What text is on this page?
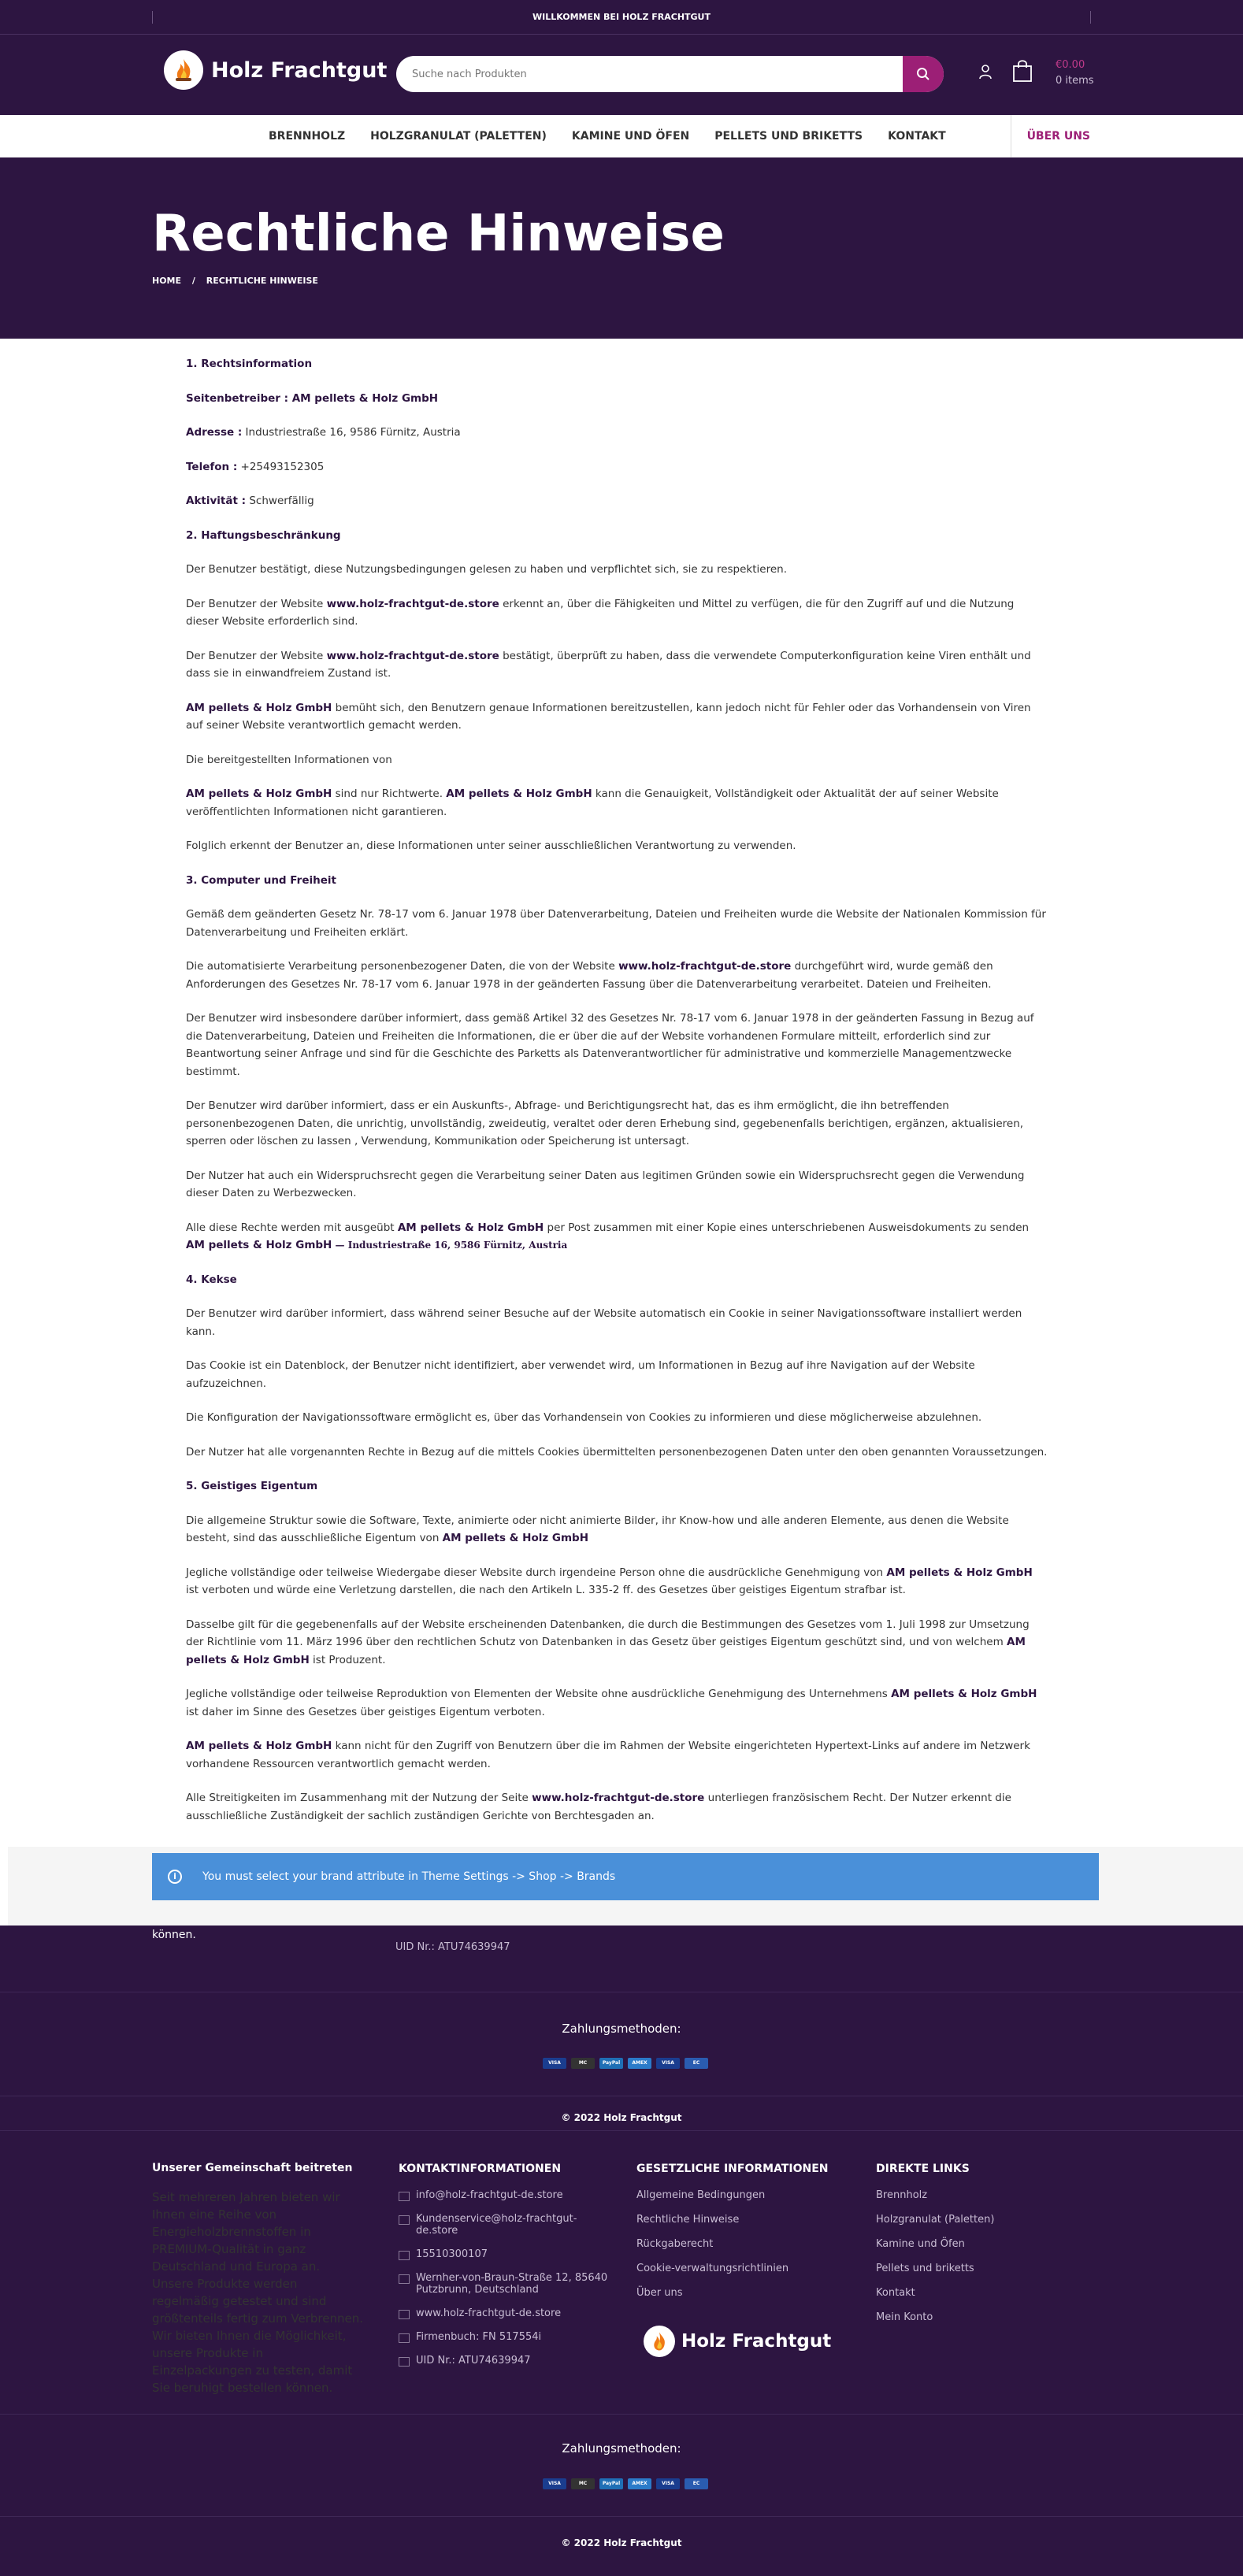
WILLKOMMEN BEI HOLZ FRACHTGUT
Holz Frachtgut
Suche nach Produkten	€0.00
0 items
BRENNHOLZ HOLZGRANULAT (PALETTEN) KAMINE UND ÖFEN PELLETS UND BRIKETTS KONTAKT	ÜBER UNS
Rechtliche Hinweise
HOME / RECHTLICHE HINWEISE

1. Rechtsinformation

Seitenbetreiber : AM pellets & Holz GmbH

Adresse : Industriestraße 16, 9586 Fürnitz, Austria

Telefon : +25493152305

Aktivität : Schwerfällig

2. Haftungsbeschränkung

Der Benutzer bestätigt, diese Nutzungsbedingungen gelesen zu haben und verpflichtet sich, sie zu respektieren.

Der Benutzer der Website www.holz-frachtgut-de.store erkennt an, über die Fähigkeiten und Mittel zu verfügen, die für den Zugriff auf und die Nutzung dieser Website erforderlich sind.

Der Benutzer der Website www.holz-frachtgut-de.store bestätigt, überprüft zu haben, dass die verwendete Computerkonfiguration keine Viren enthält und dass sie in einwandfreiem Zustand ist.

AM pellets & Holz GmbH bemüht sich, den Benutzern genaue Informationen bereitzustellen, kann jedoch nicht für Fehler oder das Vorhandensein von Viren auf seiner Website verantwortlich gemacht werden.

Die bereitgestellten Informationen von

AM pellets & Holz GmbH sind nur Richtwerte. AM pellets & Holz GmbH kann die Genauigkeit, Vollständigkeit oder Aktualität der auf seiner Website veröffentlichten Informationen nicht garantieren.

Folglich erkennt der Benutzer an, diese Informationen unter seiner ausschließlichen Verantwortung zu verwenden.

3. Computer und Freiheit

Gemäß dem geänderten Gesetz Nr. 78-17 vom 6. Januar 1978 über Datenverarbeitung, Dateien und Freiheiten wurde die Website der Nationalen Kommission für Datenverarbeitung und Freiheiten erklärt.

Die automatisierte Verarbeitung personenbezogener Daten, die von der Website www.holz-frachtgut-de.store durchgeführt wird, wurde gemäß den Anforderungen des Gesetzes Nr. 78-17 vom 6. Januar 1978 in der geänderten Fassung über die Datenverarbeitung verarbeitet. Dateien und Freiheiten.

Der Benutzer wird insbesondere darüber informiert, dass gemäß Artikel 32 des Gesetzes Nr. 78-17 vom 6. Januar 1978 in der geänderten Fassung in Bezug auf die Datenverarbeitung, Dateien und Freiheiten die Informationen, die er über die auf der Website vorhandenen Formulare mitteilt, erforderlich sind zur Beantwortung seiner Anfrage und sind für die Geschichte des Parketts als Datenverantwortlicher für administrative und kommerzielle Managementzwecke bestimmt.

Der Benutzer wird darüber informiert, dass er ein Auskunfts-, Abfrage- und Berichtigungsrecht hat, das es ihm ermöglicht, die ihn betreffenden personenbezogenen Daten, die unrichtig, unvollständig, zweideutig, veraltet oder deren Erhebung sind, gegebenenfalls berichtigen, ergänzen, aktualisieren, sperren oder löschen zu lassen , Verwendung, Kommunikation oder Speicherung ist untersagt.

Der Nutzer hat auch ein Widerspruchsrecht gegen die Verarbeitung seiner Daten aus legitimen Gründen sowie ein Widerspruchsrecht gegen die Verwendung dieser Daten zu Werbezwecken.

Alle diese Rechte werden mit ausgeübt AM pellets & Holz GmbH per Post zusammen mit einer Kopie eines unterschriebenen Ausweisdokuments zu senden AM pellets & Holz GmbH — Industriestraße 16, 9586 Fürnitz, Austria

4. Kekse

Der Benutzer wird darüber informiert, dass während seiner Besuche auf der Website automatisch ein Cookie in seiner Navigationssoftware installiert werden kann.

Das Cookie ist ein Datenblock, der Benutzer nicht identifiziert, aber verwendet wird, um Informationen in Bezug auf ihre Navigation auf der Website aufzuzeichnen.

Die Konfiguration der Navigationssoftware ermöglicht es, über das Vorhandensein von Cookies zu informieren und diese möglicherweise abzulehnen.

Der Nutzer hat alle vorgenannten Rechte in Bezug auf die mittels Cookies übermittelten personenbezogenen Daten unter den oben genannten Voraussetzungen.

5. Geistiges Eigentum

Die allgemeine Struktur sowie die Software, Texte, animierte oder nicht animierte Bilder, ihr Know-how und alle anderen Elemente, aus denen die Website besteht, sind das ausschließliche Eigentum von AM pellets & Holz GmbH

Jegliche vollständige oder teilweise Wiedergabe dieser Website durch irgendeine Person ohne die ausdrückliche Genehmigung von AM pellets & Holz GmbH ist verboten und würde eine Verletzung darstellen, die nach den Artikeln L. 335-2 ff. des Gesetzes über geistiges Eigentum strafbar ist.

Dasselbe gilt für die gegebenenfalls auf der Website erscheinenden Datenbanken, die durch die Bestimmungen des Gesetzes vom 1. Juli 1998 zur Umsetzung der Richtlinie vom 11. März 1996 über den rechtlichen Schutz von Datenbanken in das Gesetz über geistiges Eigentum geschützt sind, und von welchem AM pellets & Holz GmbH ist Produzent.

Jegliche vollständige oder teilweise Reproduktion von Elementen der Website ohne ausdrückliche Genehmigung des Unternehmens AM pellets & Holz GmbH ist daher im Sinne des Gesetzes über geistiges Eigentum verboten.

AM pellets & Holz GmbH kann nicht für den Zugriff von Benutzern über die im Rahmen der Website eingerichteten Hypertext-Links auf andere im Netzwerk vorhandene Ressourcen verantwortlich gemacht werden.

Alle Streitigkeiten im Zusammenhang mit der Nutzung der Seite www.holz-frachtgut-de.store unterliegen französischem Recht. Der Nutzer erkennt die ausschließliche Zuständigkeit der sachlich zuständigen Gerichte von Berchtesgaden an.

können.
UID Nr.: ATU74639947
Zahlungsmethoden:
VISA	MC	PayPal	AMEX	VISA	EC
© 2022 Holz Frachtgut
Zahlungsmethoden:
VISA	MC	PayPal	AMEX	VISA	EC
© 2022 Holz Frachtgut
Unserer Gemeinschaft beitreten
Seit mehreren Jahren bieten wir Ihnen eine Reihe von Energieholzbrennstoffen in PREMIUM-Qualität in ganz Deutschland und Europa an. Unsere Produkte werden regelmäßig getestet und sind größtenteils fertig zum Verbrennen. Wir bieten Ihnen die Möglichkeit, unsere Produkte in Einzelpackungen zu testen, damit Sie beruhigt bestellen können.
KONTAKTINFORMATIONEN
info@holz-frachtgut-de.store
Kundenservice@holz-frachtgut-de.store
15510300107
Wernher-von-Braun-Straße 12, 85640 Putzbrunn, Deutschland
www.holz-frachtgut-de.store
Firmenbuch: FN 517554i
UID Nr.: ATU74639947
GESETZLICHE INFORMATIONEN
Allgemeine Bedingungen
Rechtliche Hinweise
Rückgaberecht
Cookie-verwaltungsrichtlinien
Über uns
Holz Frachtgut
DIREKTE LINKS
Brennholz
Holzgranulat (Paletten)
Kamine und Öfen
Pellets und briketts
Kontakt
Mein Konto
i	You must select your brand attribute in Theme Settings -> Shop -> Brands
